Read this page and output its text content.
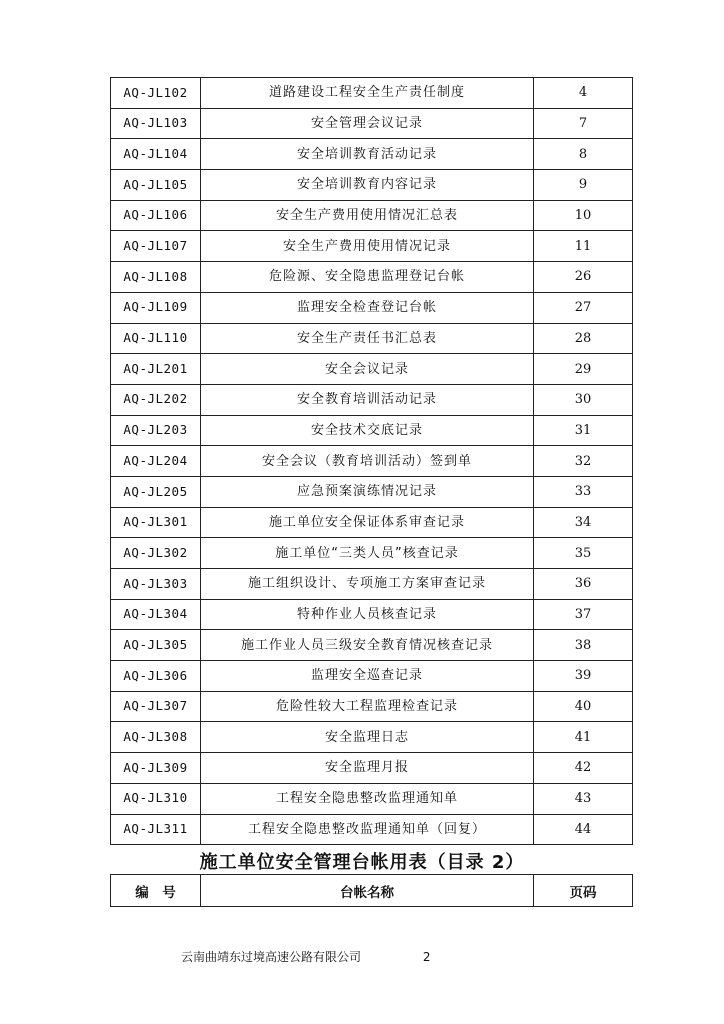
AQ-JL102	道路建设工程安全生产责任制度	4
AQ-JL103	安全管理会议记录	7
AQ-JL104	安全培训教育活动记录	8
AQ-JL105	安全培训教育内容记录	9
AQ-JL106	安全生产费用使用情况汇总表	10
AQ-JL107	安全生产费用使用情况记录	11
AQ-JL108	危险源、安全隐患监理登记台帐	26
AQ-JL109	监理安全检查登记台帐	27
AQ-JL110	安全生产责任书汇总表	28
AQ-JL201	安全会议记录	29
AQ-JL202	安全教育培训活动记录	30
AQ-JL203	安全技术交底记录	31
AQ-JL204	安全会议（教育培训活动）签到单	32
AQ-JL205	应急预案演练情况记录	33
AQ-JL301	施工单位安全保证体系审查记录	34
AQ-JL302	施工单位“三类人员”核查记录	35
AQ-JL303	施工组织设计、专项施工方案审查记录	36
AQ-JL304	特种作业人员核查记录	37
AQ-JL305	施工作业人员三级安全教育情况核查记录	38
AQ-JL306	监理安全巡查记录	39
AQ-JL307	危险性较大工程监理检查记录	40
AQ-JL308	安全监理日志	41
AQ-JL309	安全监理月报	42
AQ-JL310	工程安全隐患整改监理通知单	43
AQ-JL311	工程安全隐患整改监理通知单（回复）	44
施工单位安全管理台帐用表（目录 2）
编　号	台帐名称	页码
云南曲靖东过境高速公路有限公司	2
